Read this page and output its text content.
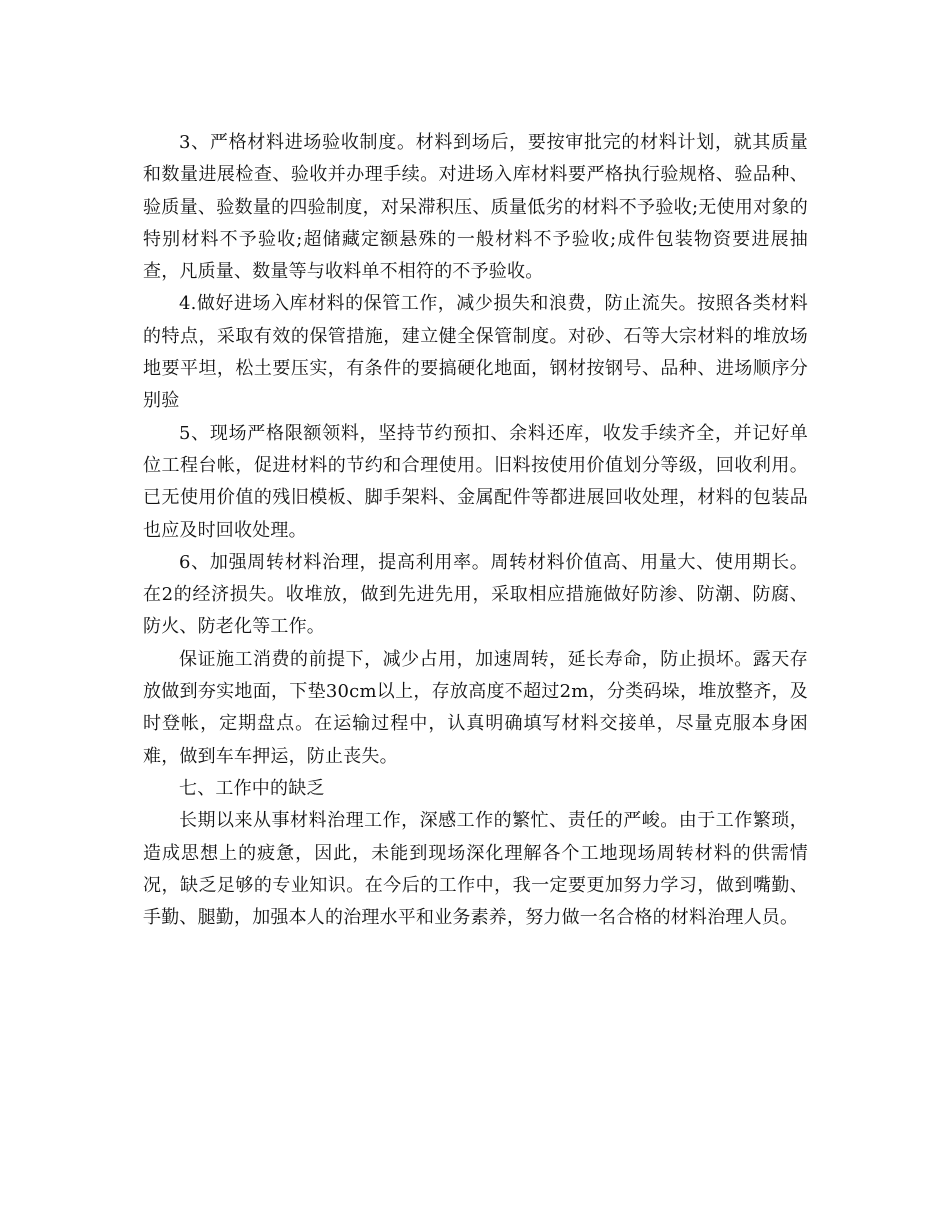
3、严格材料进场验收制度。材料到场后，要按审批完的材料计划，就其质量和数量进展检查、验收并办理手续。对进场入库材料要严格执行验规格、验品种、验质量、验数量的四验制度，对呆滞积压、质量低劣的材料不予验收;无使用对象的特别材料不予验收;超储藏定额悬殊的一般材料不予验收;成件包装物资要进展抽查，凡质量、数量等与收料单不相符的不予验收。

4.做好进场入库材料的保管工作，减少损失和浪费，防止流失。按照各类材料的特点，采取有效的保管措施，建立健全保管制度。对砂、石等大宗材料的堆放场地要平坦，松土要压实，有条件的要搞硬化地面，钢材按钢号、品种、进场顺序分别验

5、现场严格限额领料，坚持节约预扣、余料还库，收发手续齐全，并记好单位工程台帐，促进材料的节约和合理使用。旧料按使用价值划分等级，回收利用。已无使用价值的残旧模板、脚手架料、金属配件等都进展回收处理，材料的包装品也应及时回收处理。

6、加强周转材料治理，提高利用率。周转材料价值高、用量大、使用期长。在2的经济损失。收堆放，做到先进先用，采取相应措施做好防渗、防潮、防腐、防火、防老化等工作。

保证施工消费的前提下，减少占用，加速周转，延长寿命，防止损坏。露天存放做到夯实地面，下垫30cm以上，存放高度不超过2m，分类码垛，堆放整齐，及时登帐，定期盘点。在运输过程中，认真明确填写材料交接单，尽量克服本身困难，做到车车押运，防止丧失。

七、工作中的缺乏

长期以来从事材料治理工作，深感工作的繁忙、责任的严峻。由于工作繁琐，造成思想上的疲惫，因此，未能到现场深化理解各个工地现场周转材料的供需情况，缺乏足够的专业知识。在今后的工作中，我一定要更加努力学习，做到嘴勤、手勤、腿勤，加强本人的治理水平和业务素养，努力做一名合格的材料治理人员。
